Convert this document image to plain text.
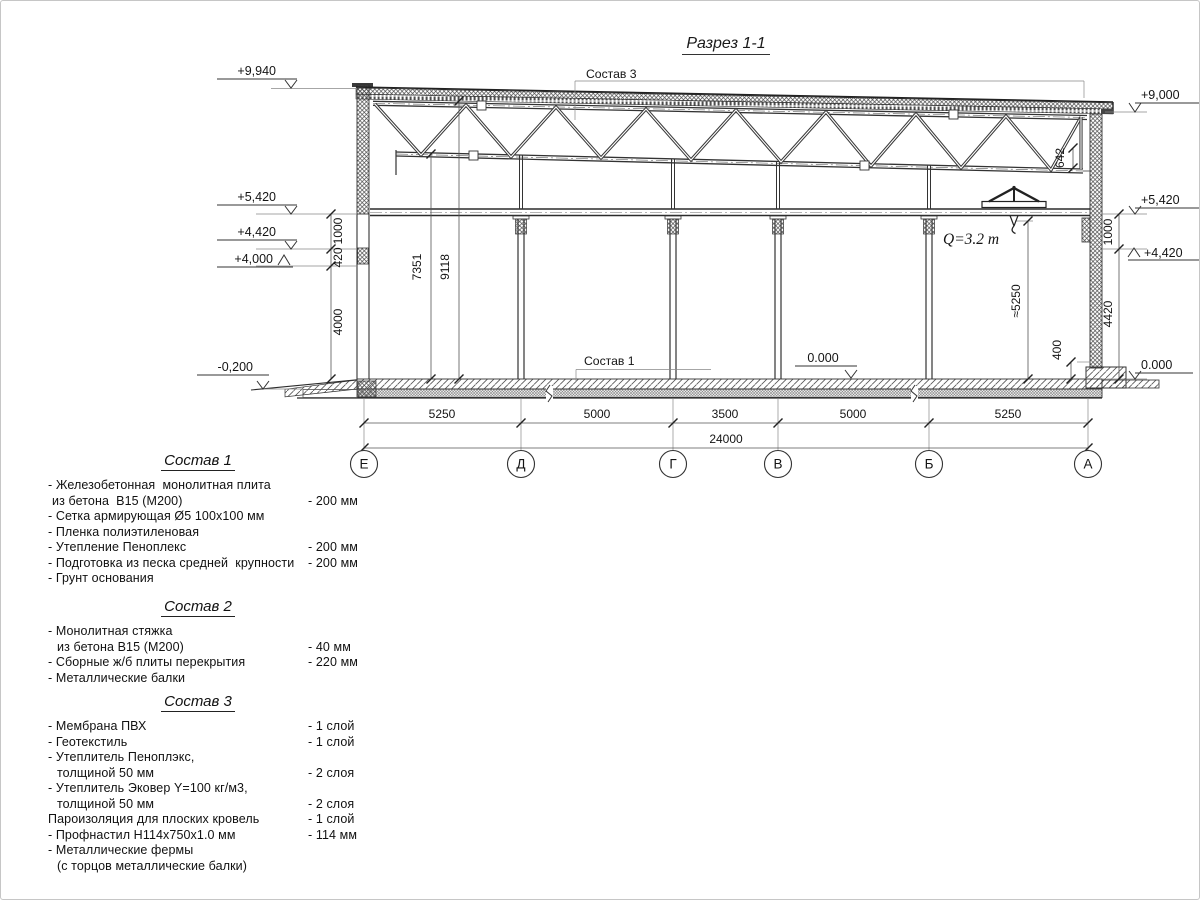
Разрез 1-1
1000
420
4000
7351 9118
642
≈5250
400
1000
4420
5250	5000	3500	5000	5250
24000
Е	Д	Г	В	Б	А
+9,940
+5,420
+4,420
+4,000
-0,200
+9,000
+5,420
+4,420
0.000
0.000
Q=3.2 т
Состав 3
Состав 1
Состав 1
- Железобетонная  монолитная плита
из бетона  В15 (М200)	- 200 мм
- Сетка армирующая Ø5 100х100 мм
- Пленка полиэтиленовая
- Утепление Пеноплекс	- 200 мм
- Подготовка из песка средней  крупности - 200 мм
- Грунт основания
Состав 2
- Монолитная стяжка
из бетона В15 (М200)	- 40 мм
- Сборные ж/б плиты перекрытия	- 220 мм
- Металлические балки
Состав 3
- Мембрана ПВХ	- 1 слой
- Геотекстиль	- 1 слой
- Утеплитель Пеноплэкс,
толщиной 50 мм	- 2 слоя
- Утеплитель Эковер Y=100 кг/м3,
толщиной 50 мм	- 2 слоя
Пароизоляция для плоских кровель	- 1 слой
- Профнастил Н114х750х1.0 мм	- 114 мм
- Металлические фермы
(с торцов металлические балки)
